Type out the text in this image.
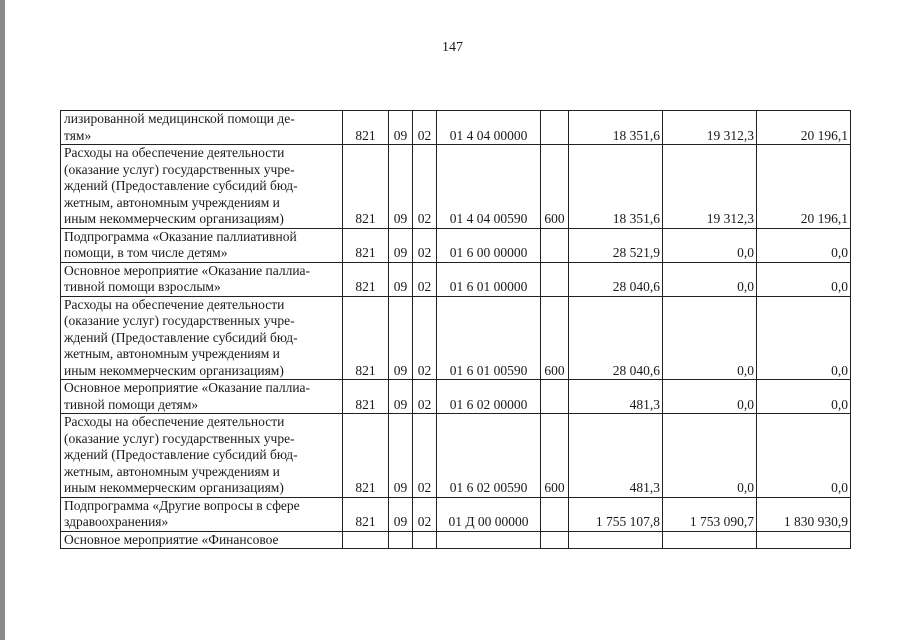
147
лизированной медицинской помощи де-
тям»	821	09	02	01 4 04 00000		18 351,6	19 312,3	20 196,1

Расходы на обеспечение деятельности
(оказание услуг) государственных учре-
ждений (Предоставление субсидий бюд-
жетным, автономным учреждениям и
иным некоммерческим организациям)	821	09	02	01 4 04 00590	600	18 351,6	19 312,3	20 196,1

Подпрограмма «Оказание паллиативной
помощи, в том числе детям»	821	09	02	01 6 00 00000		28 521,9	0,0	0,0

Основное мероприятие «Оказание паллиа-
тивной помощи взрослым»	821	09	02	01 6 01 00000		28 040,6	0,0	0,0

Расходы на обеспечение деятельности
(оказание услуг) государственных учре-
ждений (Предоставление субсидий бюд-
жетным, автономным учреждениям и
иным некоммерческим организациям)	821	09	02	01 6 01 00590	600	28 040,6	0,0	0,0

Основное мероприятие «Оказание паллиа-
тивной помощи детям»	821	09	02	01 6 02 00000		481,3	0,0	0,0

Расходы на обеспечение деятельности
(оказание услуг) государственных учре-
ждений (Предоставление субсидий бюд-
жетным, автономным учреждениям и
иным некоммерческим организациям)	821	09	02	01 6 02 00590	600	481,3	0,0	0,0

Подпрограмма «Другие вопросы в сфере
здравоохранения»	821	09	02	01 Д 00 00000		1 755 107,8	1 753 090,7	1 830 930,9

Основное мероприятие «Финансовое								
